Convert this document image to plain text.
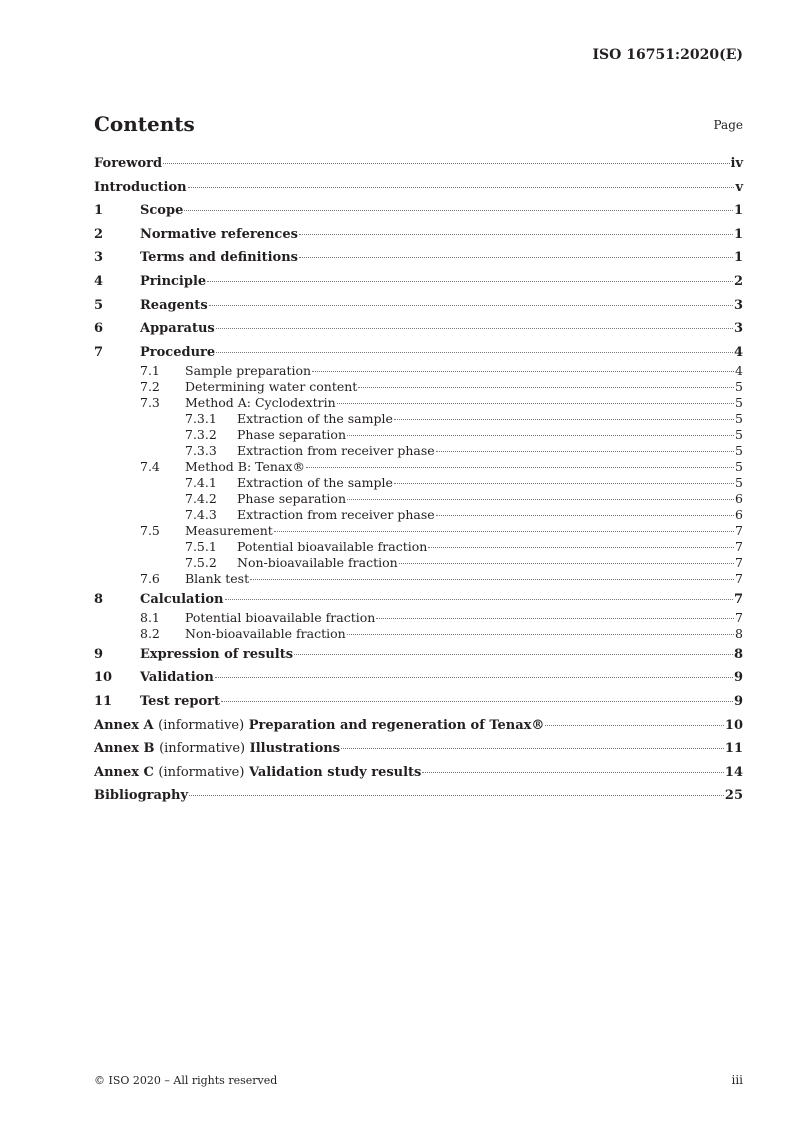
ISO 16751:2020(E)
Contents	Page
Foreword	iv
Introduction	v
1	Scope	1
2	Normative references	1
3	Terms and definitions	1
4	Principle	2
5	Reagents	3
6	Apparatus	3
7	Procedure	4
7.1	Sample preparation	4
7.2	Determining water content	5
7.3	Method A: Cyclodextrin	5
7.3.1	Extraction of the sample	5
7.3.2	Phase separation	5
7.3.3	Extraction from receiver phase	5
7.4	Method B: Tenax®	5
7.4.1	Extraction of the sample	5
7.4.2	Phase separation	6
7.4.3	Extraction from receiver phase	6
7.5	Measurement	7
7.5.1	Potential bioavailable fraction	7
7.5.2	Non-bioavailable fraction	7
7.6	Blank test	7
8	Calculation	7
8.1	Potential bioavailable fraction	7
8.2	Non-bioavailable fraction	8
9	Expression of results	8
10	Validation	9
11	Test report	9
Annex A (informative) Preparation and regeneration of Tenax®	10
Annex B (informative) Illustrations	11
Annex C (informative) Validation study results	14
Bibliography	25
© ISO 2020 – All rights reserved	iii
